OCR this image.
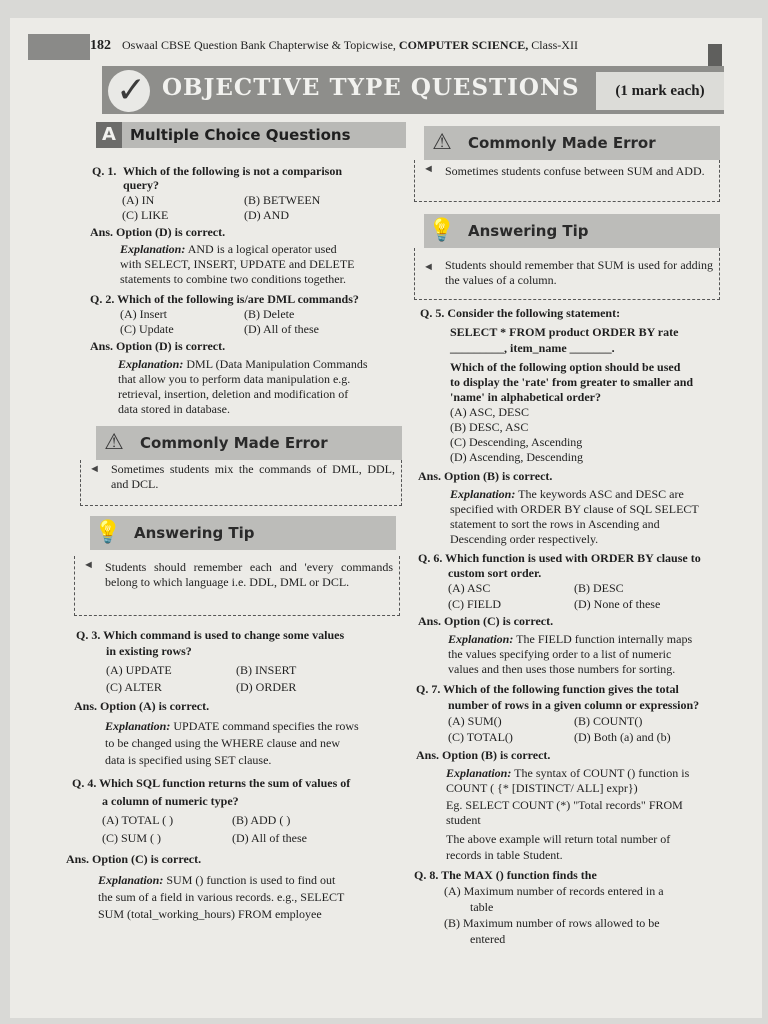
182 Oswaal CBSE Question Bank Chapterwise & Topicwise, COMPUTER SCIENCE, Class-XII
✓ OBJECTIVE TYPE QUESTIONS	(1 mark each)
A Multiple Choice Questions
Q. 1. Which of the following is not a comparison
query?
(A) IN	(B) BETWEEN
(C) LIKE	(D) AND
Ans. Option (D) is correct.
Explanation: AND is a logical operator used
with SELECT, INSERT, UPDATE and DELETE
statements to combine two conditions together.
Q. 2. Which of the following is/are DML commands?
(A) Insert	(B) Delete
(C) Update	(D) All of these
Ans. Option (D) is correct.
Explanation: DML (Data Manipulation Commands
that allow you to perform data manipulation e.g.
retrieval, insertion, deletion and modification of
data stored in database.
⚠ Commonly Made Error
◄ Sometimes students mix the commands of DML, DDL, and DCL.
💡 Answering Tip
◄ Students should remember each and 'every commands belong to which language i.e. DDL, DML or DCL.
Q. 3. Which command is used to change some values
in existing rows?
(A) UPDATE	(B) INSERT
(C) ALTER	(D) ORDER
Ans. Option (A) is correct.
Explanation: UPDATE command specifies the rows
to be changed using the WHERE clause and new
data is specified using SET clause.
Q. 4. Which SQL function returns the sum of values of
a column of numeric type?
(A) TOTAL ( )	(B) ADD ( )
(C) SUM ( )	(D) All of these
Ans. Option (C) is correct.
Explanation: SUM () function is used to find out
the sum of a field in various records. e.g., SELECT
SUM (total_working_hours) FROM employee
⚠ Commonly Made Error
◄ Sometimes students confuse between SUM and ADD.
💡 Answering Tip
◄ Students should remember that SUM is used for adding the values of a column.
Q. 5. Consider the following statement:
SELECT * FROM product ORDER BY rate
_________, item_name _______.
Which of the following option should be used
to display the 'rate' from greater to smaller and
'name' in alphabetical order?
(A) ASC, DESC
(B) DESC, ASC
(C) Descending, Ascending
(D) Ascending, Descending
Ans. Option (B) is correct.
Explanation: The keywords ASC and DESC are
specified with ORDER BY clause of SQL SELECT
statement to sort the rows in Ascending and
Descending order respectively.
Q. 6. Which function is used with ORDER BY clause to
custom sort order.
(A) ASC	(B) DESC
(C) FIELD	(D) None of these
Ans. Option (C) is correct.
Explanation: The FIELD function internally maps
the values specifying order to a list of numeric
values and then uses those numbers for sorting.
Q. 7. Which of the following function gives the total
number of rows in a given column or expression?
(A) SUM()	(B) COUNT()
(C) TOTAL()	(D) Both (a) and (b)
Ans. Option (B) is correct.
Explanation: The syntax of COUNT () function is
COUNT ( {* [DISTINCT/ ALL] expr})
Eg. SELECT COUNT (*) "Total records" FROM
student
The above example will return total number of
records in table Student.
Q. 8. The MAX () function finds the
(A) Maximum number of records entered in a
table
(B) Maximum number of rows allowed to be
entered
